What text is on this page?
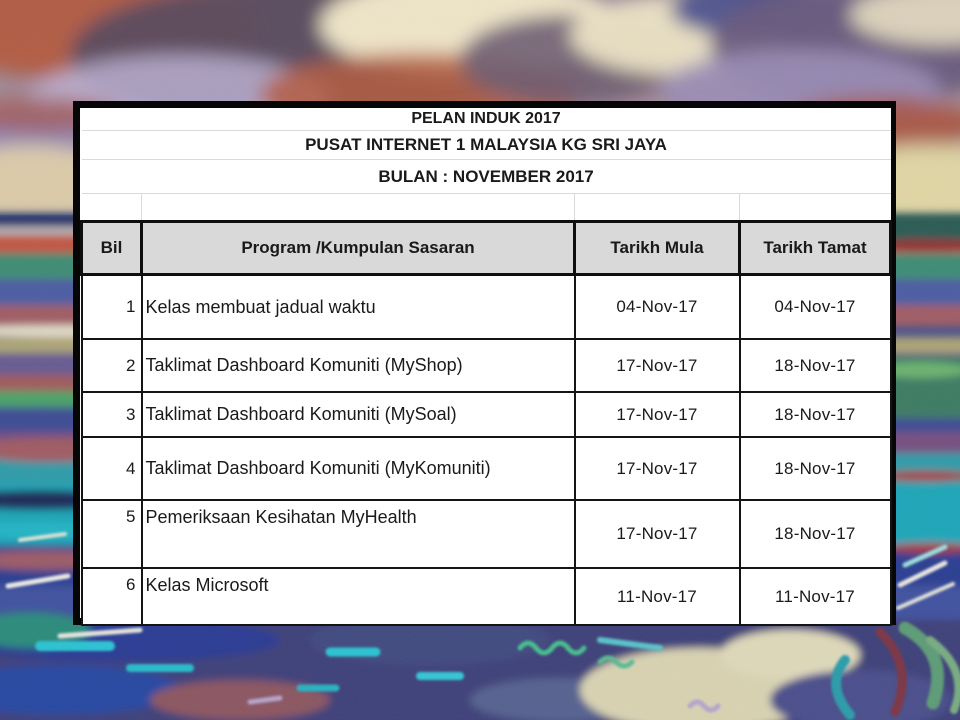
PELAN INDUK 2017			
PUSAT INTERNET 1 MALAYSIA KG SRI JAYA			
BULAN : NOVEMBER 2017			

Bil	Program /Kumpulan Sasaran	Tarikh Mula	Tarikh Tamat
1	Kelas membuat jadual waktu	04-Nov-17	04-Nov-17
2	Taklimat Dashboard Komuniti (MyShop)	17-Nov-17	18-Nov-17
3	Taklimat Dashboard Komuniti (MySoal)	17-Nov-17	18-Nov-17
4	Taklimat Dashboard Komuniti (MyKomuniti)	17-Nov-17	18-Nov-17
5	Pemeriksaan Kesihatan MyHealth	17-Nov-17	18-Nov-17
6	Kelas Microsoft	11-Nov-17	11-Nov-17
